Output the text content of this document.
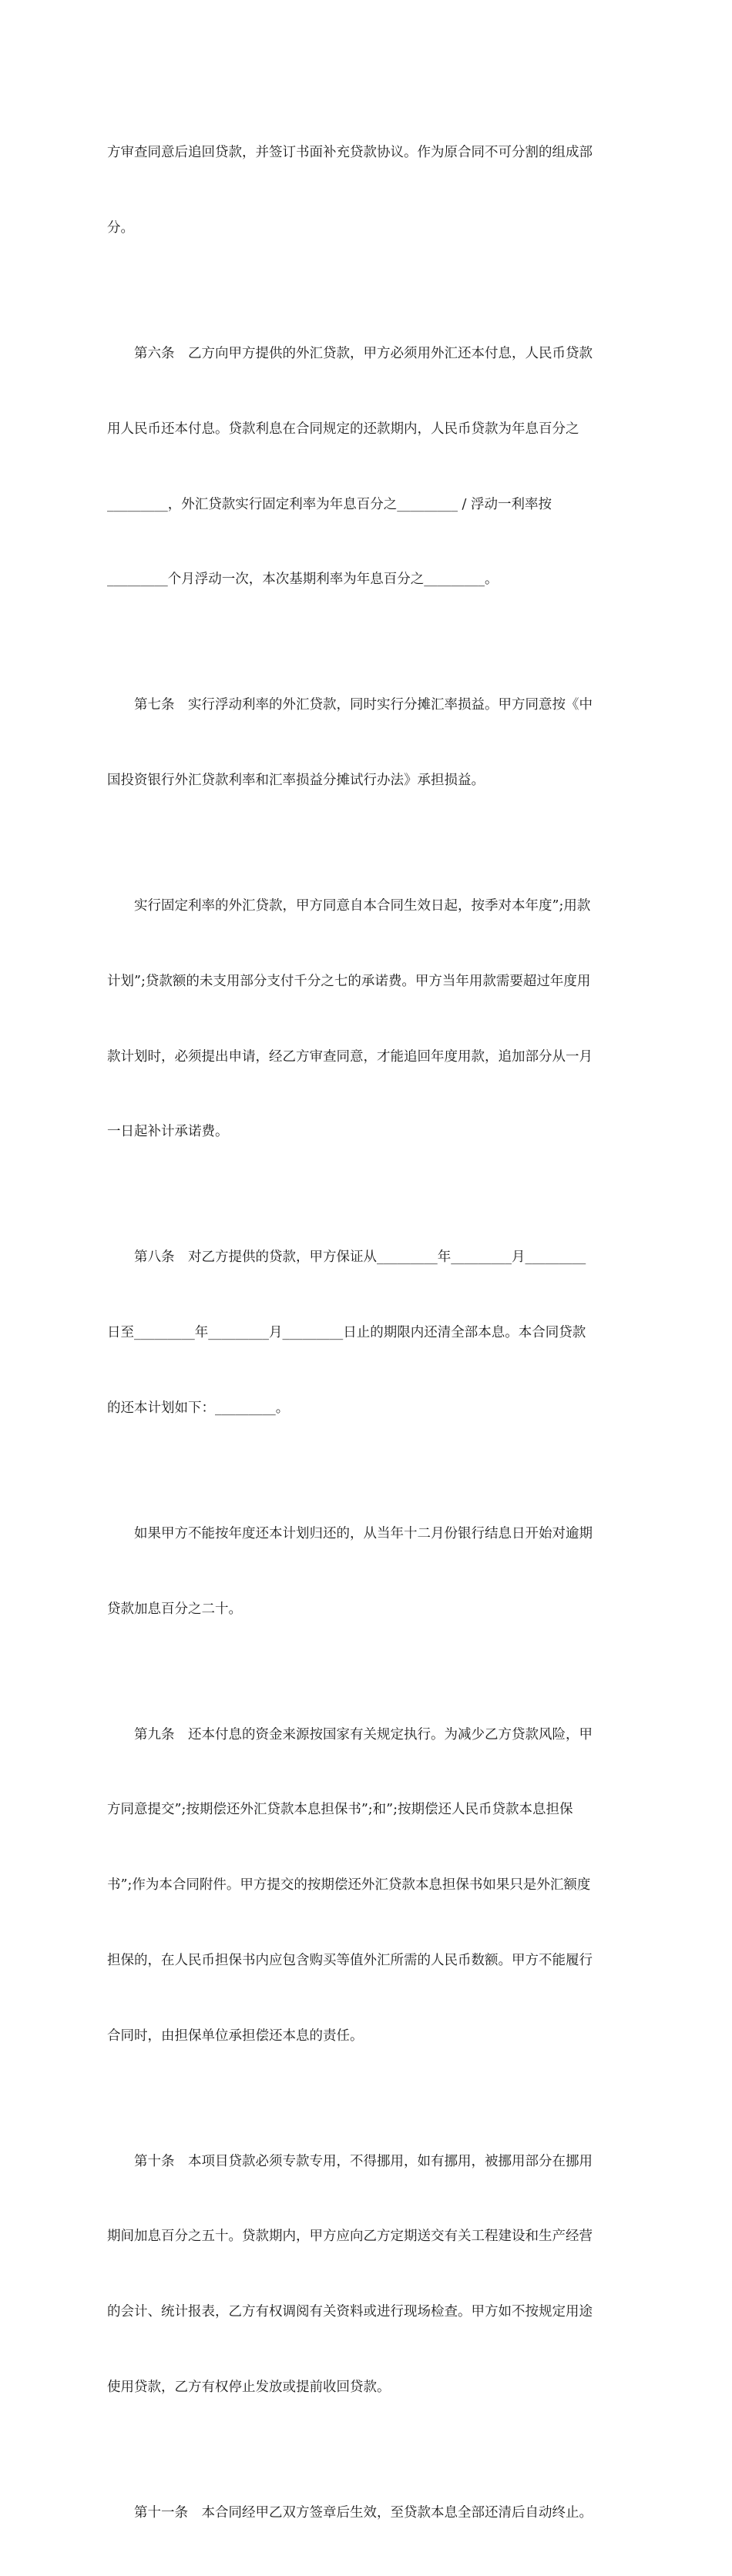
方审查同意后追回贷款，并签订书面补充贷款协议。作为原合同不可分割的组成部

分。

第六条　乙方向甲方提供的外汇贷款，甲方必须用外汇还本付息，人民币贷款

用人民币还本付息。贷款利息在合同规定的还款期内，人民币贷款为年息百分之

_________，外汇贷款实行固定利率为年息百分之_________ / 浮动一利率按

_________个月浮动一次，本次基期利率为年息百分之_________。

第七条　实行浮动利率的外汇贷款，同时实行分摊汇率损益。甲方同意按《中

国投资银行外汇贷款利率和汇率损益分摊试行办法》承担损益。

实行固定利率的外汇贷款，甲方同意自本合同生效日起，按季对本年度”;用款

计划”;贷款额的未支用部分支付千分之七的承诺费。甲方当年用款需要超过年度用

款计划时，必须提出申请，经乙方审查同意，才能追回年度用款，追加部分从一月

一日起补计承诺费。

第八条　对乙方提供的贷款，甲方保证从_________年_________月_________

日至_________年_________月_________日止的期限内还清全部本息。本合同贷款

的还本计划如下：_________。

如果甲方不能按年度还本计划归还的，从当年十二月份银行结息日开始对逾期

贷款加息百分之二十。

第九条　还本付息的资金来源按国家有关规定执行。为减少乙方贷款风险，甲

方同意提交”;按期偿还外汇贷款本息担保书”;和”;按期偿还人民币贷款本息担保

书”;作为本合同附件。甲方提交的按期偿还外汇贷款本息担保书如果只是外汇额度

担保的，在人民币担保书内应包含购买等值外汇所需的人民币数额。甲方不能履行

合同时，由担保单位承担偿还本息的责任。

第十条　本项目贷款必须专款专用，不得挪用，如有挪用，被挪用部分在挪用

期间加息百分之五十。贷款期内，甲方应向乙方定期送交有关工程建设和生产经营

的会计、统计报表，乙方有权调阅有关资料或进行现场检查。甲方如不按规定用途

使用贷款，乙方有权停止发放或提前收回贷款。

第十一条　本合同经甲乙双方签章后生效，至贷款本息全部还清后自动终止。
